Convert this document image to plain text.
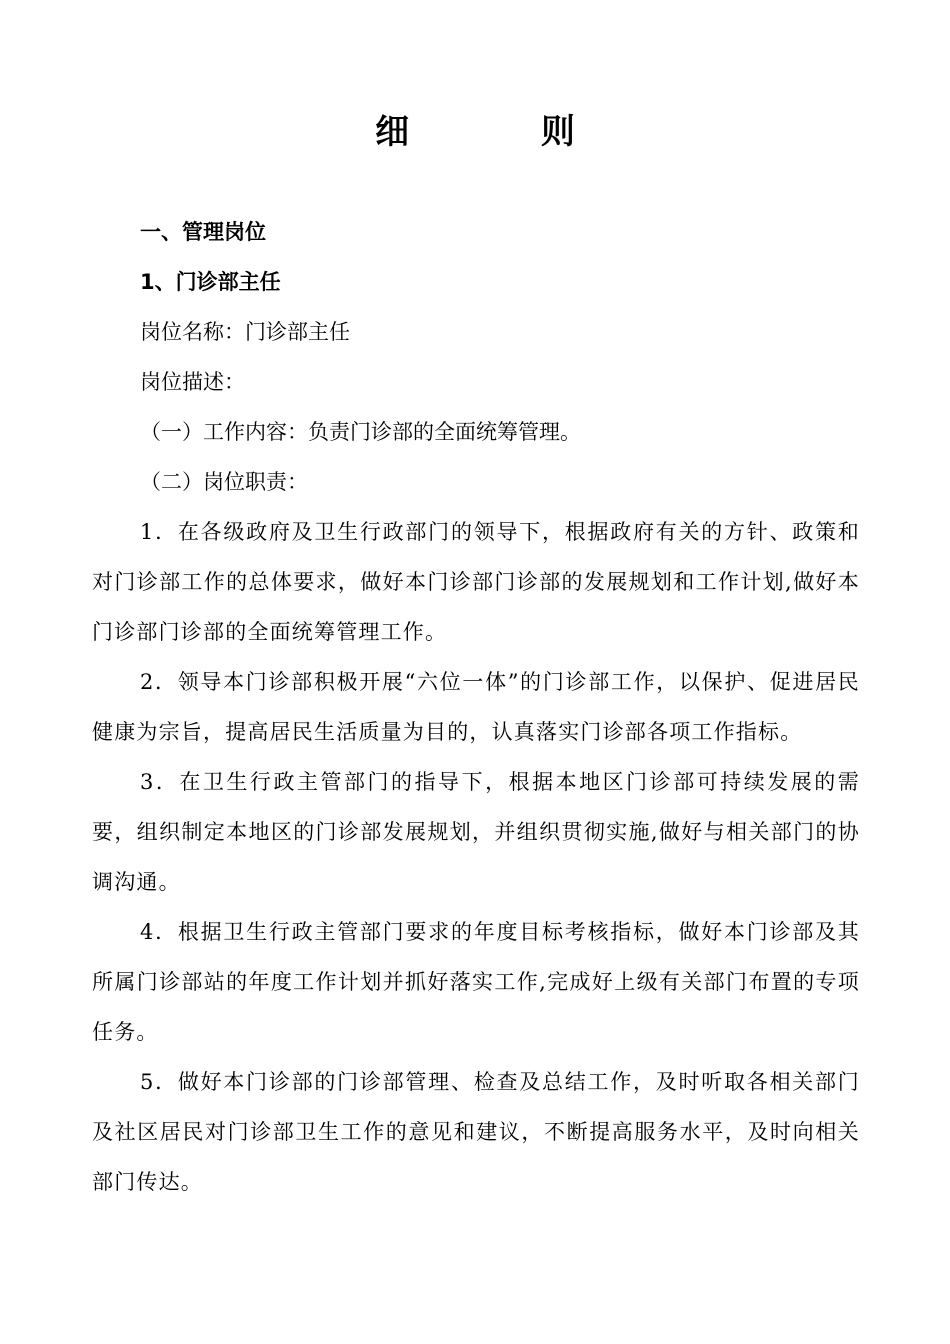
细 则
一、管理岗位
1、门诊部主任
岗位名称：门诊部主任
岗位描述：
（一）工作内容：负责门诊部的全面统筹管理。
（二）岗位职责：
1．在各级政府及卫生行政部门的领导下，根据政府有关的方针、政策和对门诊部工作的总体要求，做好本门诊部门诊部的发展规划和工作计划,做好本门诊部门诊部的全面统筹管理工作。
2．领导本门诊部积极开展“六位一体”的门诊部工作，以保护、促进居民健康为宗旨，提高居民生活质量为目的，认真落实门诊部各项工作指标。
3．在卫生行政主管部门的指导下，根据本地区门诊部可持续发展的需要，组织制定本地区的门诊部发展规划，并组织贯彻实施,做好与相关部门的协调沟通。
4．根据卫生行政主管部门要求的年度目标考核指标，做好本门诊部及其所属门诊部站的年度工作计划并抓好落实工作,完成好上级有关部门布置的专项任务。
5．做好本门诊部的门诊部管理、检查及总结工作，及时听取各相关部门及社区居民对门诊部卫生工作的意见和建议，不断提高服务水平，及时向相关部门传达。
